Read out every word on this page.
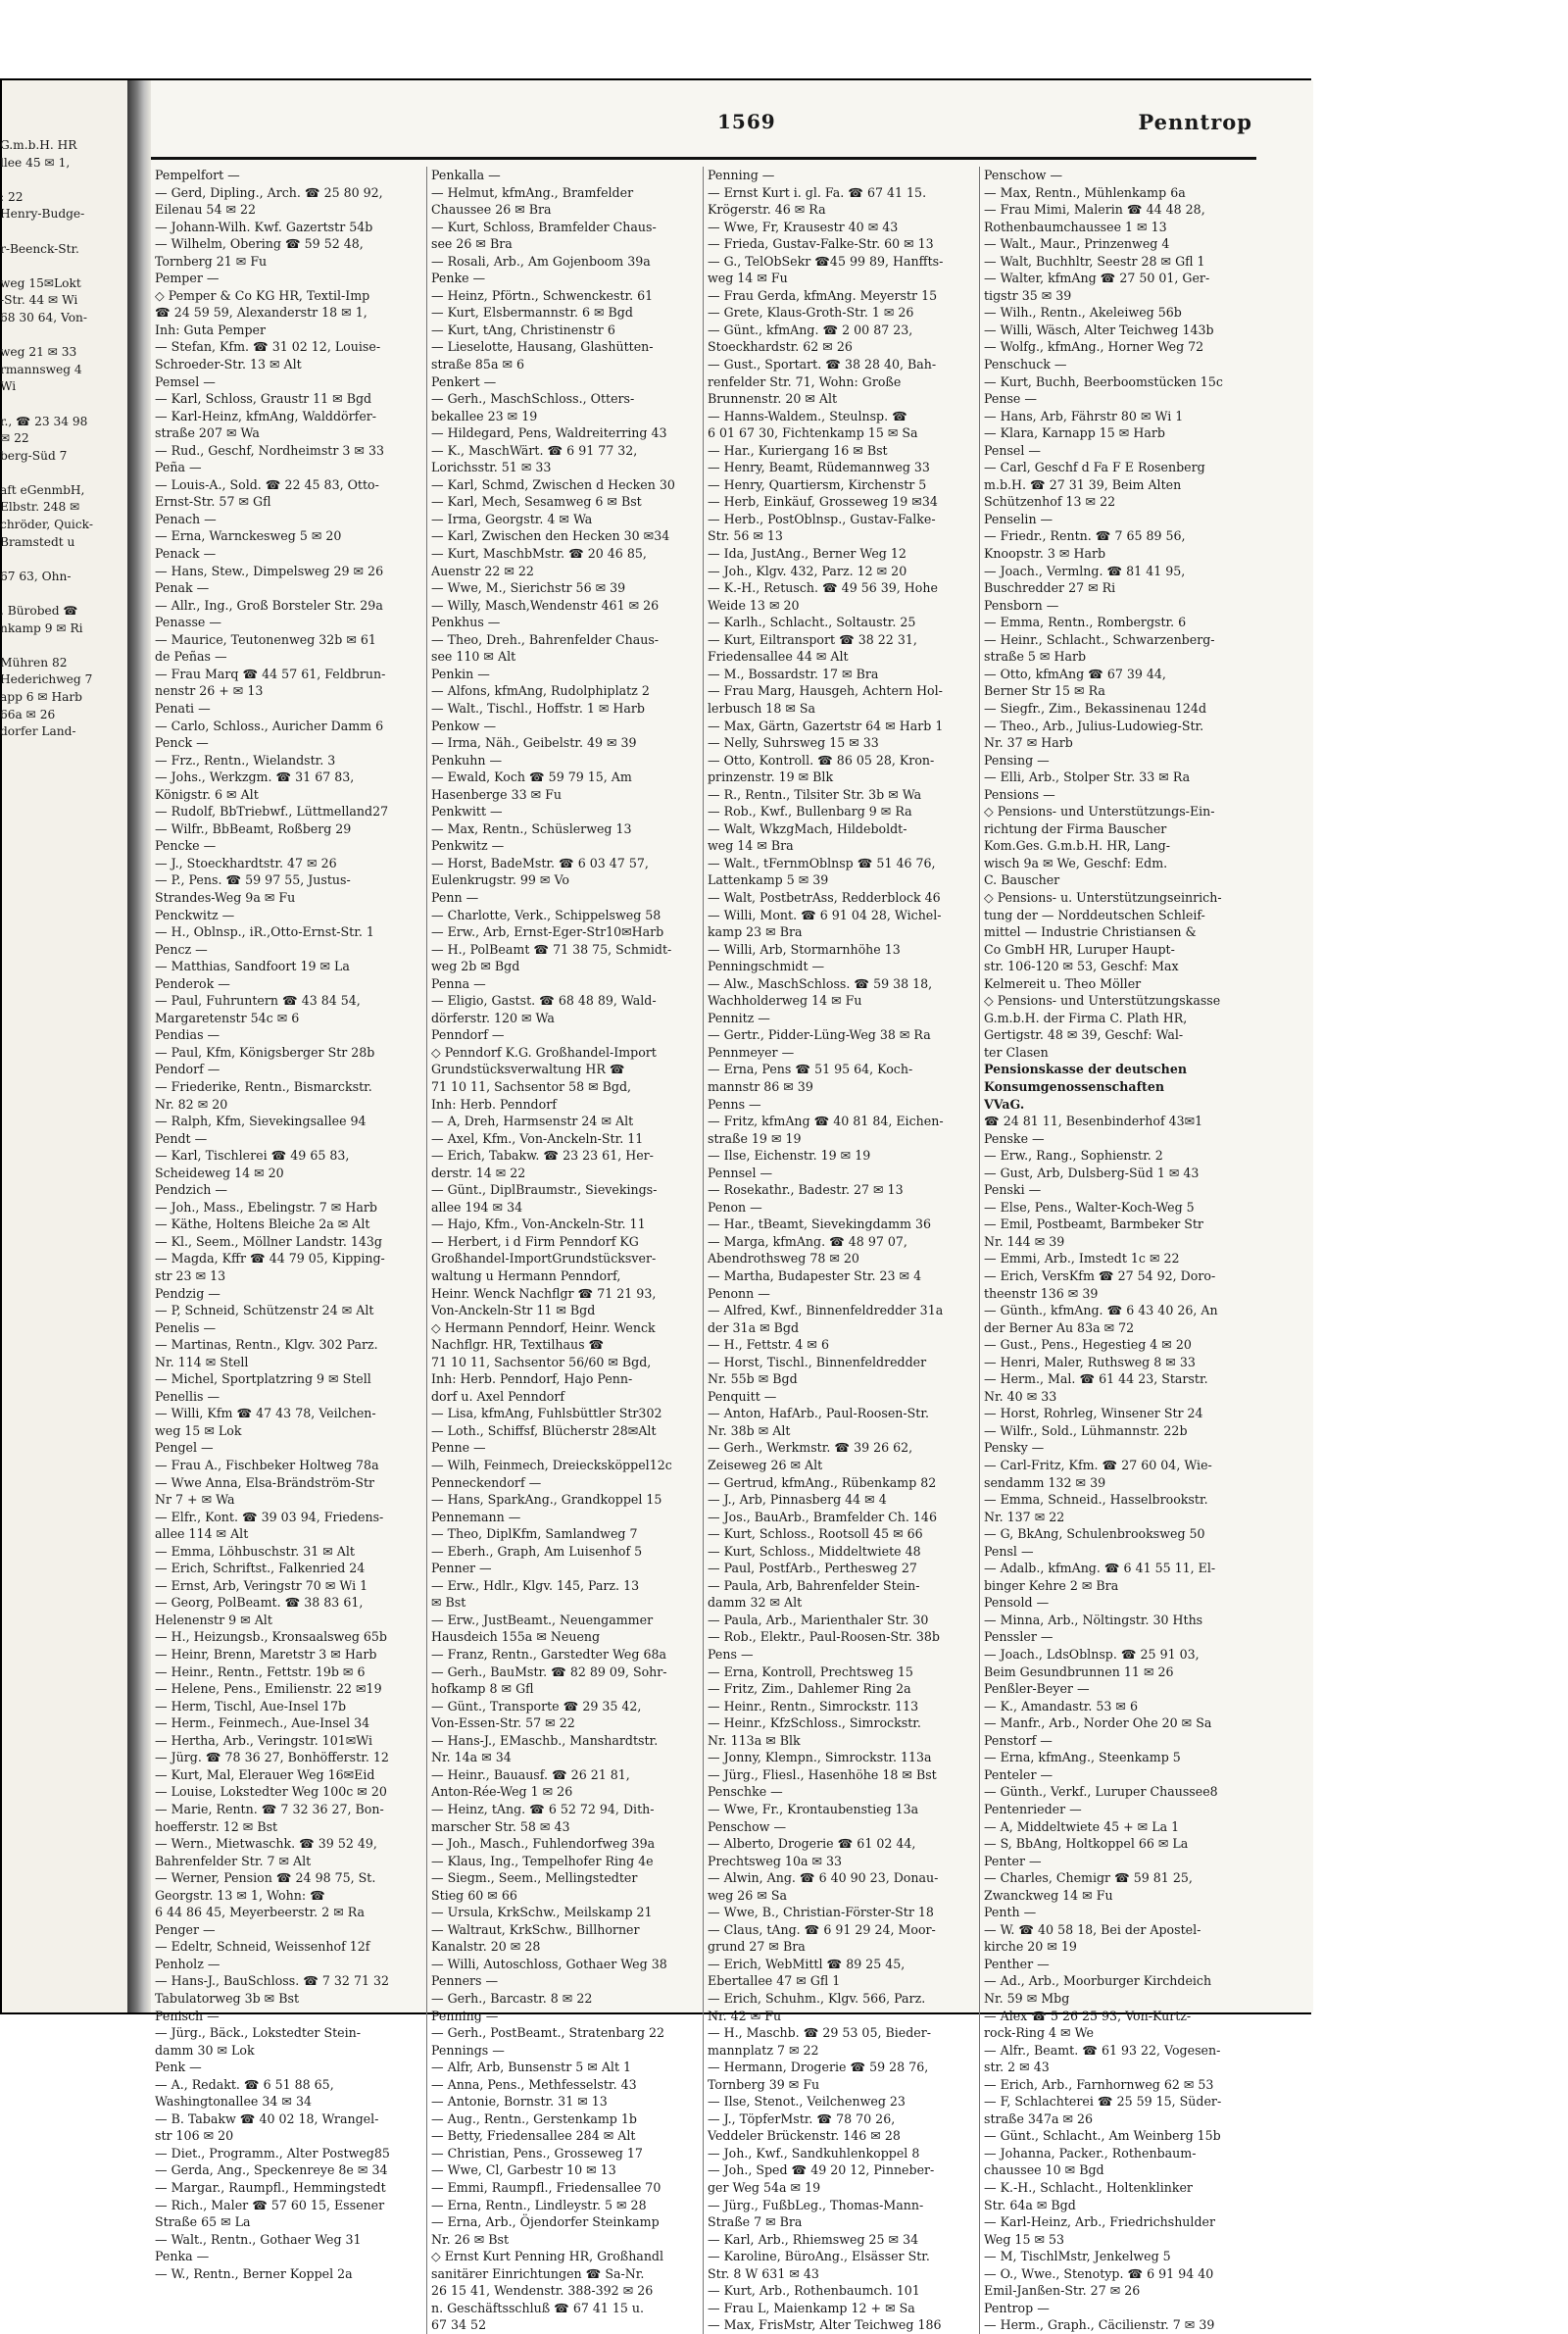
G.m.b.H. HR
llee 45 ✉ 1,
: 22
Henry-Budge-
r-Beenck-Str.
weg 15✉Lokt
-Str. 44 ✉ Wi
68 30 64, Von-
weg 21 ✉ 33
rmannsweg 4
Wi
r., ☎ 23 34 98
✉ 22
berg-Süd 7
aft eGenmbH,
Elbstr. 248 ✉
chröder, Quick-
Bramstedt u
67 63, Ohn-
, Bürobed ☎
nkamp 9 ✉ Ri
Mühren 82
Hederichweg 7
app 6 ✉ Harb
66a ✉ 26
dorfer Land-
1569	Penntrop
Pempelfort —
— Gerd, Dipling., Arch. ☎ 25 80 92,
Eilenau 54 ✉ 22
— Johann-Wilh. Kwf. Gazertstr 54b
— Wilhelm, Obering ☎ 59 52 48,
Tornberg 21 ✉ Fu
Pemper —
◇ Pemper & Co KG HR, Textil-Imp
☎ 24 59 59, Alexanderstr 18 ✉ 1,
Inh: Guta Pemper
— Stefan, Kfm. ☎ 31 02 12, Louise-
Schroeder-Str. 13 ✉ Alt
Pemsel —
— Karl, Schloss, Graustr 11 ✉ Bgd
— Karl-Heinz, kfmAng, Walddörfer-
straße 207 ✉ Wa
— Rud., Geschf, Nordheimstr 3 ✉ 33
Peña —
— Louis-A., Sold. ☎ 22 45 83, Otto-
Ernst-Str. 57 ✉ Gfl
Penach —
— Erna, Warnckesweg 5 ✉ 20
Penack —
— Hans, Stew., Dimpelsweg 29 ✉ 26
Penak —
— Allr., Ing., Groß Borsteler Str. 29a
Penasse —
— Maurice, Teutonenweg 32b ✉ 61
de Peñas —
— Frau Marq ☎ 44 57 61, Feldbrun-
nenstr 26 + ✉ 13
Penati —
— Carlo, Schloss., Auricher Damm 6
Penck —
— Frz., Rentn., Wielandstr. 3
— Johs., Werkzgm. ☎ 31 67 83,
Königstr. 6 ✉ Alt
— Rudolf, BbTriebwf., Lüttmelland27
— Wilfr., BbBeamt, Roßberg 29
Pencke —
— J., Stoeckhardtstr. 47 ✉ 26
— P., Pens. ☎ 59 97 55, Justus-
Strandes-Weg 9a ✉ Fu
Penckwitz —
— H., Oblnsp., iR.,Otto-Ernst-Str. 1
Pencz —
— Matthias, Sandfoort 19 ✉ La
Penderok —
— Paul, Fuhruntern ☎ 43 84 54,
Margaretenstr 54c ✉ 6
Pendias —
— Paul, Kfm, Königsberger Str 28b
Pendorf —
— Friederike, Rentn., Bismarckstr.
Nr. 82 ✉ 20
— Ralph, Kfm, Sievekingsallee 94
Pendt —
— Karl, Tischlerei ☎ 49 65 83,
Scheideweg 14 ✉ 20
Pendzich —
— Joh., Mass., Ebelingstr. 7 ✉ Harb
— Käthe, Holtens Bleiche 2a ✉ Alt
— Kl., Seem., Möllner Landstr. 143g
— Magda, Kffr ☎ 44 79 05, Kipping-
str 23 ✉ 13
Pendzig —
— P, Schneid, Schützenstr 24 ✉ Alt
Penelis —
— Martinas, Rentn., Klgv. 302 Parz.
Nr. 114 ✉ Stell
— Michel, Sportplatzring 9 ✉ Stell
Penellis —
— Willi, Kfm ☎ 47 43 78, Veilchen-
weg 15 ✉ Lok
Pengel —
— Frau A., Fischbeker Holtweg 78a
— Wwe Anna, Elsa-Brändström-Str
Nr 7 + ✉ Wa
— Elfr., Kont. ☎ 39 03 94, Friedens-
allee 114 ✉ Alt
— Emma, Löhbuschstr. 31 ✉ Alt
— Erich, Schriftst., Falkenried 24
— Ernst, Arb, Veringstr 70 ✉ Wi 1
— Georg, PolBeamt. ☎ 38 83 61,
Helenenstr 9 ✉ Alt
— H., Heizungsb., Kronsaalsweg 65b
— Heinr, Brenn, Maretstr 3 ✉ Harb
— Heinr., Rentn., Fettstr. 19b ✉ 6
— Helene, Pens., Emilienstr. 22 ✉19
— Herm, Tischl, Aue-Insel 17b
— Herm., Feinmech., Aue-Insel 34
— Hertha, Arb., Veringstr. 101✉Wi
— Jürg. ☎ 78 36 27, Bonhöfferstr. 12
— Kurt, Mal, Elerauer Weg 16✉Eid
— Louise, Lokstedter Weg 100c ✉ 20
— Marie, Rentn. ☎ 7 32 36 27, Bon-
hoefferstr. 12 ✉ Bst
— Wern., Mietwaschk. ☎ 39 52 49,
Bahrenfelder Str. 7 ✉ Alt
— Werner, Pension ☎ 24 98 75, St.
Georgstr. 13 ✉ 1, Wohn: ☎
6 44 86 45, Meyerbeerstr. 2 ✉ Ra
Penger —
— Edeltr, Schneid, Weissenhof 12f
Penholz —
— Hans-J., BauSchloss. ☎ 7 32 71 32
Tabulatorweg 3b ✉ Bst
Penisch —
— Jürg., Bäck., Lokstedter Stein-
damm 30 ✉ Lok
Penk —
— A., Redakt. ☎ 6 51 88 65,
Washingtonallee 34 ✉ 34
— B. Tabakw ☎ 40 02 18, Wrangel-
str 106 ✉ 20
— Diet., Programm., Alter Postweg85
— Gerda, Ang., Speckenreye 8e ✉ 34
— Margar., Raumpfl., Hemmingstedt
— Rich., Maler ☎ 57 60 15, Essener
Straße 65 ✉ La
— Walt., Rentn., Gothaer Weg 31
Penka —
— W., Rentn., Berner Koppel 2a
Penkalla —
— Helmut, kfmAng., Bramfelder
Chaussee 26 ✉ Bra
— Kurt, Schloss, Bramfelder Chaus-
see 26 ✉ Bra
— Rosali, Arb., Am Gojenboom 39a
Penke —
— Heinz, Pförtn., Schwenckestr. 61
— Kurt, Elsbermannstr. 6 ✉ Bgd
— Kurt, tAng, Christinenstr 6
— Lieselotte, Hausang, Glashütten-
straße 85a ✉ 6
Penkert —
— Gerh., MaschSchloss., Otters-
bekallee 23 ✉ 19
— Hildegard, Pens, Waldreiterring 43
— K., MaschWärt. ☎ 6 91 77 32,
Lorichsstr. 51 ✉ 33
— Karl, Schmd, Zwischen d Hecken 30
— Karl, Mech, Sesamweg 6 ✉ Bst
— Irma, Georgstr. 4 ✉ Wa
— Karl, Zwischen den Hecken 30 ✉34
— Kurt, MaschbMstr. ☎ 20 46 85,
Auenstr 22 ✉ 22
— Wwe, M., Sierichstr 56 ✉ 39
— Willy, Masch,Wendenstr 461 ✉ 26
Penkhus —
— Theo, Dreh., Bahrenfelder Chaus-
see 110 ✉ Alt
Penkin —
— Alfons, kfmAng, Rudolphiplatz 2
— Walt., Tischl., Hoffstr. 1 ✉ Harb
Penkow —
— Irma, Näh., Geibelstr. 49 ✉ 39
Penkuhn —
— Ewald, Koch ☎ 59 79 15, Am
Hasenberge 33 ✉ Fu
Penkwitt —
— Max, Rentn., Schüslerweg 13
Penkwitz —
— Horst, BadeMstr. ☎ 6 03 47 57,
Eulenkrugstr. 99 ✉ Vo
Penn —
— Charlotte, Verk., Schippelsweg 58
— Erw., Arb, Ernst-Eger-Str10✉Harb
— H., PolBeamt ☎ 71 38 75, Schmidt-
weg 2b ✉ Bgd
Penna —
— Eligio, Gastst. ☎ 68 48 89, Wald-
dörferstr. 120 ✉ Wa
Penndorf —
◇ Penndorf K.G. Großhandel-Import
Grundstücksverwaltung HR ☎
71 10 11, Sachsentor 58 ✉ Bgd,
Inh: Herb. Penndorf
— A, Dreh, Harmsenstr 24 ✉ Alt
— Axel, Kfm., Von-Anckeln-Str. 11
— Erich, Tabakw. ☎ 23 23 61, Her-
derstr. 14 ✉ 22
— Günt., DiplBraumstr., Sievekings-
allee 194 ✉ 34
— Hajo, Kfm., Von-Anckeln-Str. 11
— Herbert, i d Firm Penndorf KG
Großhandel-ImportGrundstücksver-
waltung u Hermann Penndorf,
Heinr. Wenck Nachflgr ☎ 71 21 93,
Von-Anckeln-Str 11 ✉ Bgd
◇ Hermann Penndorf, Heinr. Wenck
Nachflgr. HR, Textilhaus ☎
71 10 11, Sachsentor 56/60 ✉ Bgd,
Inh: Herb. Penndorf, Hajo Penn-
dorf u. Axel Penndorf
— Lisa, kfmAng, Fuhlsbüttler Str302
— Loth., Schiffsf, Blücherstr 28✉Alt
Penne —
— Wilh, Feinmech, Dreiecksköppel12c
Penneckendorf —
— Hans, SparkAng., Grandkoppel 15
Pennemann —
— Theo, DiplKfm, Samlandweg 7
— Eberh., Graph, Am Luisenhof 5
Penner —
— Erw., Hdlr., Klgv. 145, Parz. 13
✉ Bst
— Erw., JustBeamt., Neuengammer
Hausdeich 155a ✉ Neueng
— Franz, Rentn., Garstedter Weg 68a
— Gerh., BauMstr. ☎ 82 89 09, Sohr-
hofkamp 8 ✉ Gfl
— Günt., Transporte ☎ 29 35 42,
Von-Essen-Str. 57 ✉ 22
— Hans-J., EMaschb., Manshardtstr.
Nr. 14a ✉ 34
— Heinr., Bauausf. ☎ 26 21 81,
Anton-Rée-Weg 1 ✉ 26
— Heinz, tAng. ☎ 6 52 72 94, Dith-
marscher Str. 58 ✉ 43
— Joh., Masch., Fuhlendorfweg 39a
— Klaus, Ing., Tempelhofer Ring 4e
— Siegm., Seem., Mellingstedter
Stieg 60 ✉ 66
— Ursula, KrkSchw., Meilskamp 21
— Waltraut, KrkSchw., Billhorner
Kanalstr. 20 ✉ 28
— Willi, Autoschloss, Gothaer Weg 38
Penners —
— Gerh., Barcastr. 8 ✉ 22
Penning —
— Gerh., PostBeamt., Stratenbarg 22
Pennings —
— Alfr, Arb, Bunsenstr 5 ✉ Alt 1
— Anna, Pens., Methfesselstr. 43
— Antonie, Bornstr. 31 ✉ 13
— Aug., Rentn., Gerstenkamp 1b
— Betty, Friedensallee 284 ✉ Alt
— Christian, Pens., Grosseweg 17
— Wwe, Cl, Garbestr 10 ✉ 13
— Emmi, Raumpfl., Friedensallee 70
— Erna, Rentn., Lindleystr. 5 ✉ 28
— Erna, Arb., Öjendorfer Steinkamp
Nr. 26 ✉ Bst
◇ Ernst Kurt Penning HR, Großhandl
sanitärer Einrichtungen ☎ Sa-Nr.
26 15 41, Wendenstr. 388-392 ✉ 26
n. Geschäftsschluß ☎ 67 41 15 u.
67 34 52
Penning —
— Ernst Kurt i. gl. Fa. ☎ 67 41 15.
Krögerstr. 46 ✉ Ra
— Wwe, Fr, Krausestr 40 ✉ 43
— Frieda, Gustav-Falke-Str. 60 ✉ 13
— G., TelObSekr ☎45 99 89, Hanffts-
weg 14 ✉ Fu
— Frau Gerda, kfmAng. Meyerstr 15
— Grete, Klaus-Groth-Str. 1 ✉ 26
— Günt., kfmAng. ☎ 2 00 87 23,
Stoeckhardstr. 62 ✉ 26
— Gust., Sportart. ☎ 38 28 40, Bah-
renfelder Str. 71, Wohn: Große
Brunnenstr. 20 ✉ Alt
— Hanns-Waldem., Steulnsp. ☎
6 01 67 30, Fichtenkamp 15 ✉ Sa
— Har., Kuriergang 16 ✉ Bst
— Henry, Beamt, Rüdemannweg 33
— Henry, Quartiersm, Kirchenstr 5
— Herb, Einkäuf, Grosseweg 19 ✉34
— Herb., PostOblnsp., Gustav-Falke-
Str. 56 ✉ 13
— Ida, JustAng., Berner Weg 12
— Joh., Klgv. 432, Parz. 12 ✉ 20
— K.-H., Retusch. ☎ 49 56 39, Hohe
Weide 13 ✉ 20
— Karlh., Schlacht., Soltaustr. 25
— Kurt, Eiltransport ☎ 38 22 31,
Friedensallee 44 ✉ Alt
— M., Bossardstr. 17 ✉ Bra
— Frau Marg, Hausgeh, Achtern Hol-
lerbusch 18 ✉ Sa
— Max, Gärtn, Gazertstr 64 ✉ Harb 1
— Nelly, Suhrsweg 15 ✉ 33
— Otto, Kontroll. ☎ 86 05 28, Kron-
prinzenstr. 19 ✉ Blk
— R., Rentn., Tilsiter Str. 3b ✉ Wa
— Rob., Kwf., Bullenbarg 9 ✉ Ra
— Walt, WkzgMach, Hildeboldt-
weg 14 ✉ Bra
— Walt., tFernmOblnsp ☎ 51 46 76,
Lattenkamp 5 ✉ 39
— Walt, PostbetrAss, Redderblock 46
— Willi, Mont. ☎ 6 91 04 28, Wichel-
kamp 23 ✉ Bra
— Willi, Arb, Stormarnhöhe 13
Penningschmidt —
— Alw., MaschSchloss. ☎ 59 38 18,
Wachholderweg 14 ✉ Fu
Pennitz —
— Gertr., Pidder-Lüng-Weg 38 ✉ Ra
Pennmeyer —
— Erna, Pens ☎ 51 95 64, Koch-
mannstr 86 ✉ 39
Penns —
— Fritz, kfmAng ☎ 40 81 84, Eichen-
straße 19 ✉ 19
— Ilse, Eichenstr. 19 ✉ 19
Pennsel —
— Rosekathr., Badestr. 27 ✉ 13
Penon —
— Har., tBeamt, Sievekingdamm 36
— Marga, kfmAng. ☎ 48 97 07,
Abendrothsweg 78 ✉ 20
— Martha, Budapester Str. 23 ✉ 4
Penonn —
— Alfred, Kwf., Binnenfeldredder 31a
der 31a ✉ Bgd
— H., Fettstr. 4 ✉ 6
— Horst, Tischl., Binnenfeldredder
Nr. 55b ✉ Bgd
Penquitt —
— Anton, HafArb., Paul-Roosen-Str.
Nr. 38b ✉ Alt
— Gerh., Werkmstr. ☎ 39 26 62,
Zeiseweg 26 ✉ Alt
— Gertrud, kfmAng., Rübenkamp 82
— J., Arb, Pinnasberg 44 ✉ 4
— Jos., BauArb., Bramfelder Ch. 146
— Kurt, Schloss., Rootsoll 45 ✉ 66
— Kurt, Schloss., Middeltwiete 48
— Paul, PostfArb., Perthesweg 27
— Paula, Arb, Bahrenfelder Stein-
damm 32 ✉ Alt
— Paula, Arb., Marienthaler Str. 30
— Rob., Elektr., Paul-Roosen-Str. 38b
Pens —
— Erna, Kontroll, Prechtsweg 15
— Fritz, Zim., Dahlemer Ring 2a
— Heinr., Rentn., Simrockstr. 113
— Heinr., KfzSchloss., Simrockstr.
Nr. 113a ✉ Blk
— Jonny, Klempn., Simrockstr. 113a
— Jürg., Fliesl., Hasenhöhe 18 ✉ Bst
Penschke —
— Wwe, Fr., Krontaubenstieg 13a
Penschow —
— Alberto, Drogerie ☎ 61 02 44,
Prechtsweg 10a ✉ 33
— Alwin, Ang. ☎ 6 40 90 23, Donau-
weg 26 ✉ Sa
— Wwe, B., Christian-Förster-Str 18
— Claus, tAng. ☎ 6 91 29 24, Moor-
grund 27 ✉ Bra
— Erich, WebMittl ☎ 89 25 45,
Ebertallee 47 ✉ Gfl 1
— Erich, Schuhm., Klgv. 566, Parz.
Nr. 42 ✉ Fu
— H., Maschb. ☎ 29 53 05, Bieder-
mannplatz 7 ✉ 22
— Hermann, Drogerie ☎ 59 28 76,
Tornberg 39 ✉ Fu
— Ilse, Stenot., Veilchenweg 23
— J., TöpferMstr. ☎ 78 70 26,
Veddeler Brückenstr. 146 ✉ 28
— Joh., Kwf., Sandkuhlenkoppel 8
— Joh., Sped ☎ 49 20 12, Pinneber-
ger Weg 54a ✉ 19
— Jürg., FußbLeg., Thomas-Mann-
Straße 7 ✉ Bra
— Karl, Arb., Rhiemsweg 25 ✉ 34
— Karoline, BüroAng., Elsässer Str.
Str. 8 W 631 ✉ 43
— Kurt, Arb., Rothenbaumch. 101
— Frau L, Maienkamp 12 + ✉ Sa
— Max, FrisMstr, Alter Teichweg 186
Penschow —
— Max, Rentn., Mühlenkamp 6a
— Frau Mimi, Malerin ☎ 44 48 28,
Rothenbaumchaussee 1 ✉ 13
— Walt., Maur., Prinzenweg 4
— Walt, Buchhltr, Seestr 28 ✉ Gfl 1
— Walter, kfmAng ☎ 27 50 01, Ger-
tigstr 35 ✉ 39
— Wilh., Rentn., Akeleiweg 56b
— Willi, Wäsch, Alter Teichweg 143b
— Wolfg., kfmAng., Horner Weg 72
Penschuck —
— Kurt, Buchh, Beerboomstücken 15c
Pense —
— Hans, Arb, Fährstr 80 ✉ Wi 1
— Klara, Karnapp 15 ✉ Harb
Pensel —
— Carl, Geschf d Fa F E Rosenberg
m.b.H. ☎ 27 31 39, Beim Alten
Schützenhof 13 ✉ 22
Penselin —
— Friedr., Rentn. ☎ 7 65 89 56,
Knoopstr. 3 ✉ Harb
— Joach., Vermlng. ☎ 81 41 95,
Buschredder 27 ✉ Ri
Pensborn —
— Emma, Rentn., Rombergstr. 6
— Heinr., Schlacht., Schwarzenberg-
straße 5 ✉ Harb
— Otto, kfmAng ☎ 67 39 44,
Berner Str 15 ✉ Ra
— Siegfr., Zim., Bekassinenau 124d
— Theo., Arb., Julius-Ludowieg-Str.
Nr. 37 ✉ Harb
Pensing —
— Elli, Arb., Stolper Str. 33 ✉ Ra
Pensions —
◇ Pensions- und Unterstützungs-Ein-
richtung der Firma Bauscher
Kom.Ges. G.m.b.H. HR, Lang-
wisch 9a ✉ We, Geschf: Edm.
C. Bauscher
◇ Pensions- u. Unterstützungseinrich-
tung der — Norddeutschen Schleif-
mittel — Industrie Christiansen &
Co GmbH HR, Luruper Haupt-
str. 106-120 ✉ 53, Geschf: Max
Kelmereit u. Theo Möller
◇ Pensions- und Unterstützungskasse
G.m.b.H. der Firma C. Plath HR,
Gertigstr. 48 ✉ 39, Geschf: Wal-
ter Clasen
Pensionskasse der deutschen
Konsumgenossenschaften
VVaG.
☎ 24 81 11, Besenbinderhof 43✉1
Penske —
— Erw., Rang., Sophienstr. 2
— Gust, Arb, Dulsberg-Süd 1 ✉ 43
Penski —
— Else, Pens., Walter-Koch-Weg 5
— Emil, Postbeamt, Barmbeker Str
Nr. 144 ✉ 39
— Emmi, Arb., Imstedt 1c ✉ 22
— Erich, VersKfm ☎ 27 54 92, Doro-
theenstr 136 ✉ 39
— Günth., kfmAng. ☎ 6 43 40 26, An
der Berner Au 83a ✉ 72
— Gust., Pens., Hegestieg 4 ✉ 20
— Henri, Maler, Ruthsweg 8 ✉ 33
— Herm., Mal. ☎ 61 44 23, Starstr.
Nr. 40 ✉ 33
— Horst, Rohrleg, Winsener Str 24
— Wilfr., Sold., Lühmannstr. 22b
Pensky —
— Carl-Fritz, Kfm. ☎ 27 60 04, Wie-
sendamm 132 ✉ 39
— Emma, Schneid., Hasselbrookstr.
Nr. 137 ✉ 22
— G, BkAng, Schulenbrooksweg 50
Pensl —
— Adalb., kfmAng. ☎ 6 41 55 11, El-
binger Kehre 2 ✉ Bra
Pensold —
— Minna, Arb., Nöltingstr. 30 Hths
Penssler —
— Joach., LdsOblnsp. ☎ 25 91 03,
Beim Gesundbrunnen 11 ✉ 26
Penßler-Beyer —
— K., Amandastr. 53 ✉ 6
— Manfr., Arb., Norder Ohe 20 ✉ Sa
Penstorf —
— Erna, kfmAng., Steenkamp 5
Penteler —
— Günth., Verkf., Luruper Chaussee8
Pentenrieder —
— A, Middeltwiete 45 + ✉ La 1
— S, BbAng, Holtkoppel 66 ✉ La
Penter —
— Charles, Chemigr ☎ 59 81 25,
Zwanckweg 14 ✉ Fu
Penth —
— W. ☎ 40 58 18, Bei der Apostel-
kirche 20 ✉ 19
Penther —
— Ad., Arb., Moorburger Kirchdeich
Nr. 59 ✉ Mbg
— Alex ☎ 5 26 25 93, Von-Kurtz-
rock-Ring 4 ✉ We
— Alfr., Beamt. ☎ 61 93 22, Vogesen-
str. 2 ✉ 43
— Erich, Arb., Farnhornweg 62 ✉ 53
— F, Schlachterei ☎ 25 59 15, Süder-
straße 347a ✉ 26
— Günt., Schlacht., Am Weinberg 15b
— Johanna, Packer., Rothenbaum-
chaussee 10 ✉ Bgd
— K.-H., Schlacht., Holtenklinker
Str. 64a ✉ Bgd
— Karl-Heinz, Arb., Friedrichshulder
Weg 15 ✉ 53
— M, TischlMstr, Jenkelweg 5
— O., Wwe., Stenotyp. ☎ 6 91 94 40
Emil-Janßen-Str. 27 ✉ 26
Pentrop —
— Herm., Graph., Cäcilienstr. 7 ✉ 39
